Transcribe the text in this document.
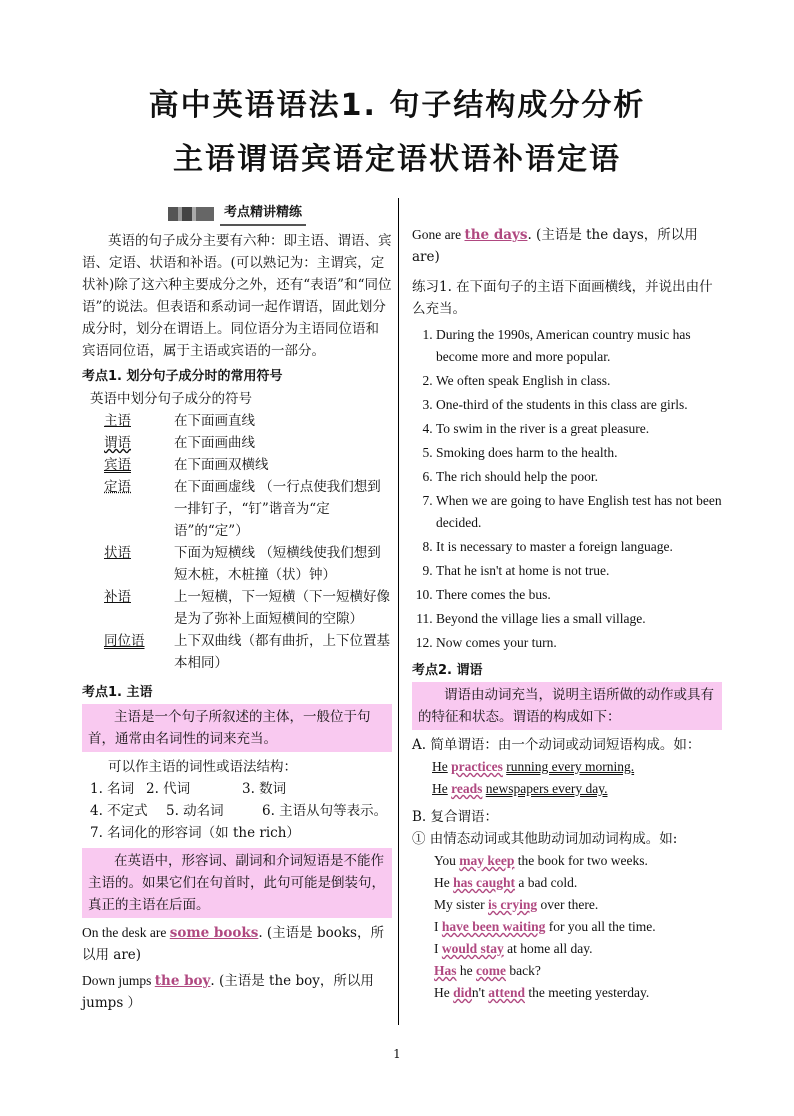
高中英语语法1. 句子结构成分分析
主语谓语宾语定语状语补语定语
考点精讲精练

英语的句子成分主要有六种：即主语、谓语、宾语、定语、状语和补语。(可以熟记为：主谓宾，定状补)除了这六种主要成分之外，还有“表语”和“同位语”的说法。但表语和系动词一起作谓语，固此划分成分时，划分在谓语上。同位语分为主语同位语和宾语同位语，属于主语或宾语的一部分。

考点1. 划分句子成分时的常用符号

英语中划分句子成分的符号

主语	在下面画直线
谓语	在下面画曲线
宾语	在下面画双横线
定语	在下面画虚线 （一行点使我们想到一排钉子，“钉”谐音为“定语”的“定”）
状语	下面为短横线 （短横线使我们想到短木桩，木桩撞（状）钟）
补语	上一短横，下一短横（下一短横好像是为了弥补上面短横间的空隙）
同位语	上下双曲线（都有曲折，上下位置基本相同）

考点1. 主语

主语是一个句子所叙述的主体，一般位于句首，通常由名词性的词来充当。

可以作主语的词性或语法结构：

1. 名词 2. 代词	3. 数词
4. 不定式	5. 动名词	6. 主语从句等表示。
7. 名词化的形容词（如 the rich）

在英语中，形容词、副词和介词短语是不能作主语的。如果它们在句首时，此句可能是倒装句，真正的主语在后面。

On the desk are some books. (主语是 books，所以用 are)

Down jumps the boy. (主语是 the boy，所以用 jumps ）

Gone are the days. (主语是 the days，所以用 are)

练习1. 在下面句子的主语下面画横线，并说出由什么充当。

1. During the 1990s, American country music has become more and more popular.
2. We often speak English in class.
3. One-third of the students in this class are girls.
4. To swim in the river is a great pleasure.
5. Smoking does harm to the health.
6. The rich should help the poor.
7. When we are going to have English test has not been decided.
8. It is necessary to master a foreign language.
9. That he isn't at home is not true.
10. There comes the bus.
11. Beyond the village lies a small village.
12. Now comes your turn.

考点2. 谓语

谓语由动词充当，说明主语所做的动作或具有的特征和状态。谓语的构成如下：

A. 简单谓语：由一个动词或动词短语构成。如：

He practices running every morning.
He reads newspapers every day.

B. 复合谓语：

① 由情态动词或其他助动词加动词构成。如:

You may keep the book for two weeks.
He has caught a bad cold.
My sister is crying over there.
I have been waiting for you all the time.
I would stay at home all day.
Has he come back?
He didn't attend the meeting yesterday.
1
